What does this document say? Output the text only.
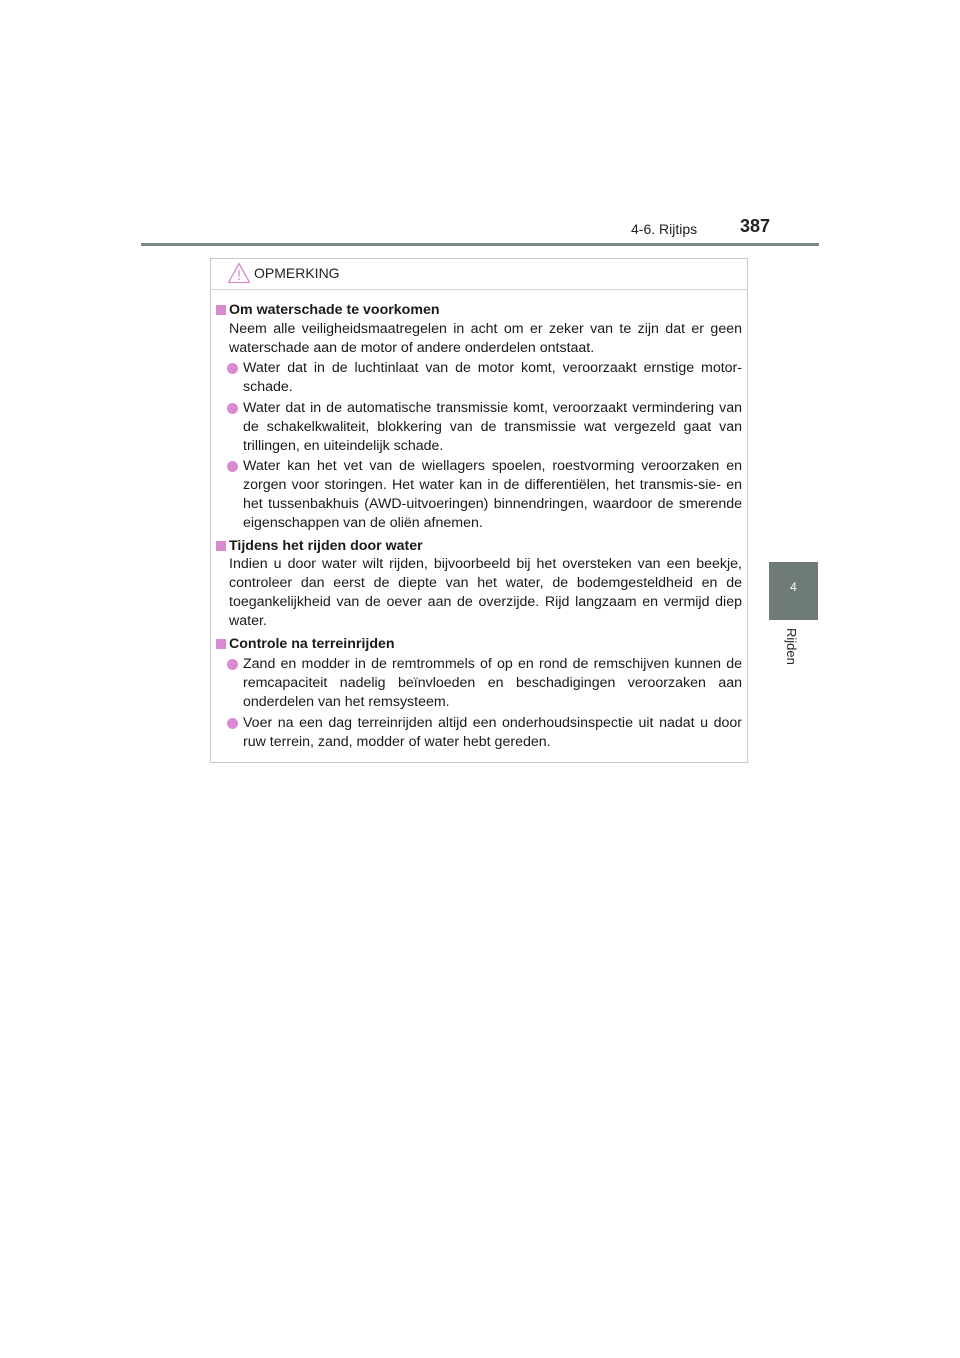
4-6. Rijtips 387
4
Rijden
OPMERKING
Om waterschade te voorkomen

Neem alle veiligheidsmaatregelen in acht om er zeker van te zijn dat er geen waterschade aan de motor of andere onderdelen ontstaat.

Water dat in de luchtinlaat van de motor komt, veroorzaakt ernstige motor-schade.
Water dat in de automatische transmissie komt, veroorzaakt vermindering van de schakelkwaliteit, blokkering van de transmissie wat vergezeld gaat van trillingen, en uiteindelijk schade.
Water kan het vet van de wiellagers spoelen, roestvorming veroorzaken en zorgen voor storingen. Het water kan in de differentiëlen, het transmis-sie- en het tussenbakhuis (AWD-uitvoeringen) binnendringen, waardoor de smerende eigenschappen van de oliën afnemen.
Tijdens het rijden door water

Indien u door water wilt rijden, bijvoorbeeld bij het oversteken van een beekje, controleer dan eerst de diepte van het water, de bodemgesteldheid en de toegankelijkheid van de oever aan de overzijde. Rijd langzaam en vermijd diep water.

Controle na terreinrijden
Zand en modder in de remtrommels of op en rond de remschijven kunnen de remcapaciteit nadelig beïnvloeden en beschadigingen veroorzaken aan onderdelen van het remsysteem.
Voer na een dag terreinrijden altijd een onderhoudsinspectie uit nadat u door ruw terrein, zand, modder of water hebt gereden.
